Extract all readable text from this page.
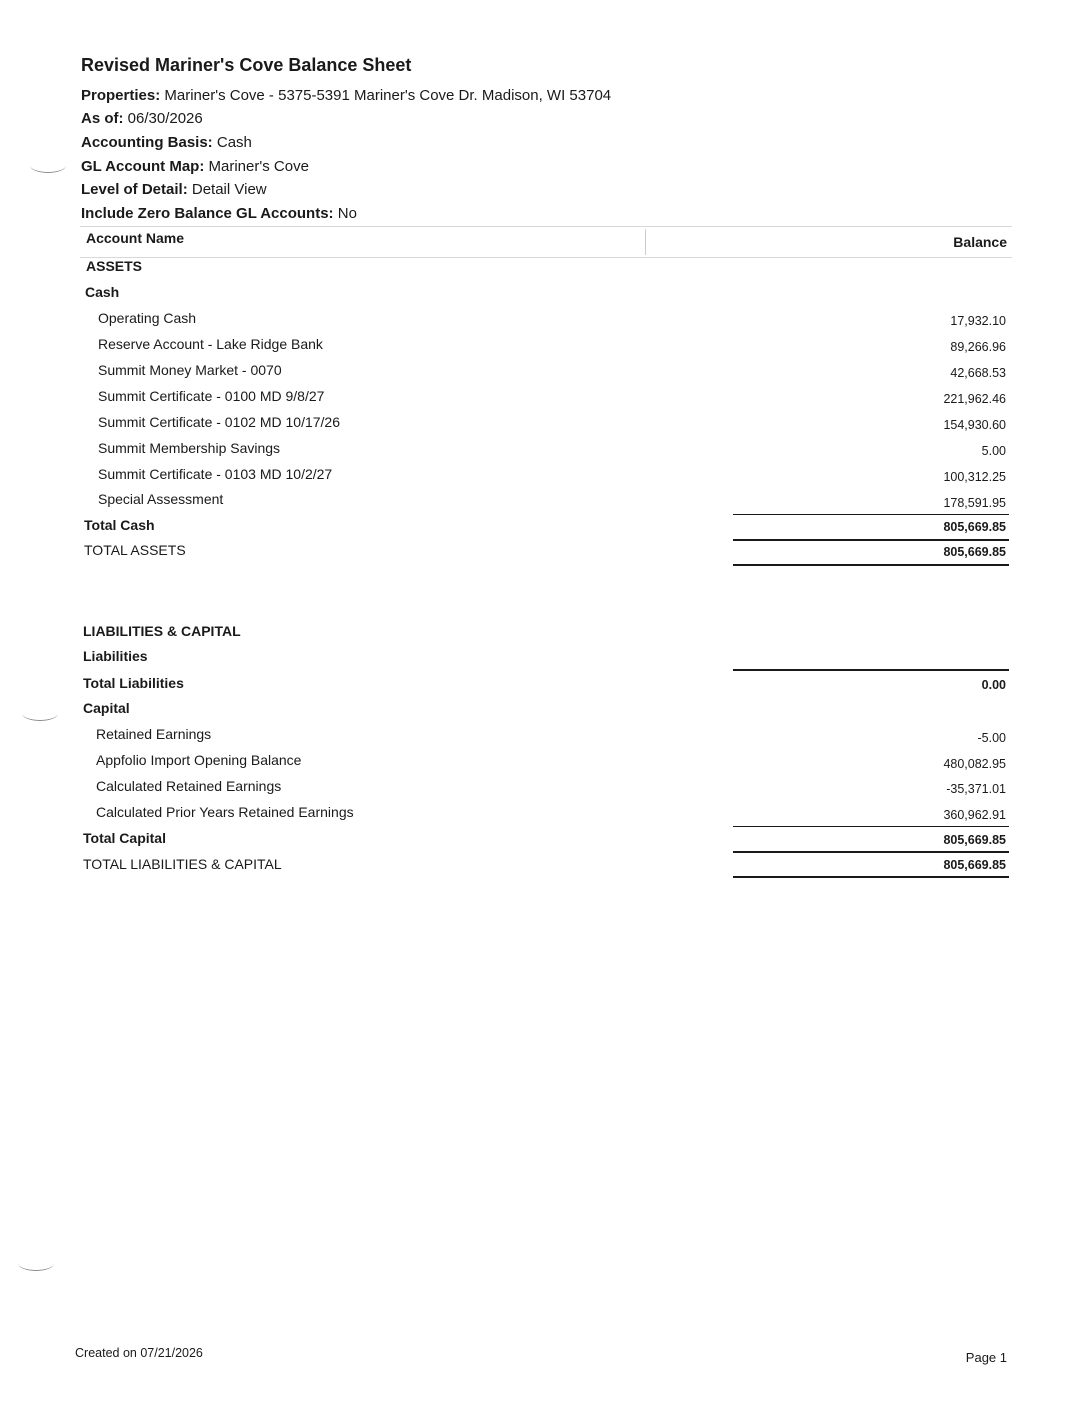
Revised Mariner's Cove Balance Sheet
Properties: Mariner's Cove - 5375-5391 Mariner's Cove Dr. Madison, WI 53704
As of: 06/30/2026
Accounting Basis: Cash
GL Account Map: Mariner's Cove
Level of Detail: Detail View
Include Zero Balance GL Accounts: No
Account Name	Balance
ASSETS
Cash
Operating Cash	17,932.10
Reserve Account - Lake Ridge Bank	89,266.96
Summit Money Market - 0070	42,668.53
Summit Certificate - 0100 MD 9/8/27	221,962.46
Summit Certificate - 0102 MD 10/17/26	154,930.60
Summit Membership Savings	5.00
Summit Certificate - 0103 MD 10/2/27	100,312.25
Special Assessment	178,591.95
Total Cash	805,669.85
TOTAL ASSETS	805,669.85
LIABILITIES & CAPITAL
Liabilities
Total Liabilities	0.00
Capital
Retained Earnings	-5.00
Appfolio Import Opening Balance	480,082.95
Calculated Retained Earnings	-35,371.01
Calculated Prior Years Retained Earnings	360,962.91
Total Capital	805,669.85
TOTAL LIABILITIES & CAPITAL	805,669.85
Created on 07/21/2026	Page 1
